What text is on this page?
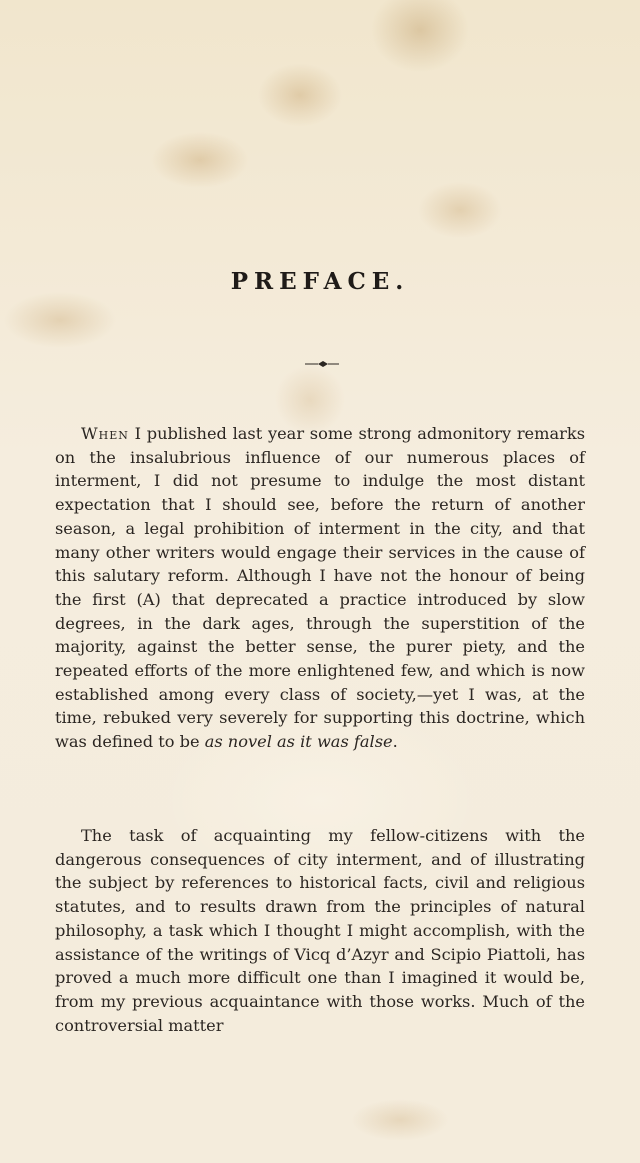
PREFACE.

When I published last year some strong admonitory remarks on the insalubrious influence of our numerous places of interment, I did not presume to indulge the most distant expectation that I should see, before the return of another season, a legal prohibition of interment in the city, and that many other writers would engage their services in the cause of this salutary reform. Although I have not the honour of being the first (A) that deprecated a practice introduced by slow degrees, in the dark ages, through the superstition of the majority, against the better sense, the purer piety, and the repeated efforts of the more enlightened few, and which is now established among every class of society,—yet I was, at the time, rebuked very severely for supporting this doctrine, which was defined to be as novel as it was false.

The task of acquainting my fellow-citizens with the dangerous consequences of city interment, and of illustrating the subject by references to historical facts, civil and religious statutes, and to results drawn from the principles of natural philosophy, a task which I thought I might accomplish, with the assistance of the writings of Vicq d’Azyr and Scipio Piattoli, has proved a much more difficult one than I imagined it would be, from my previous acquaintance with those works. Much of the controversial matter
